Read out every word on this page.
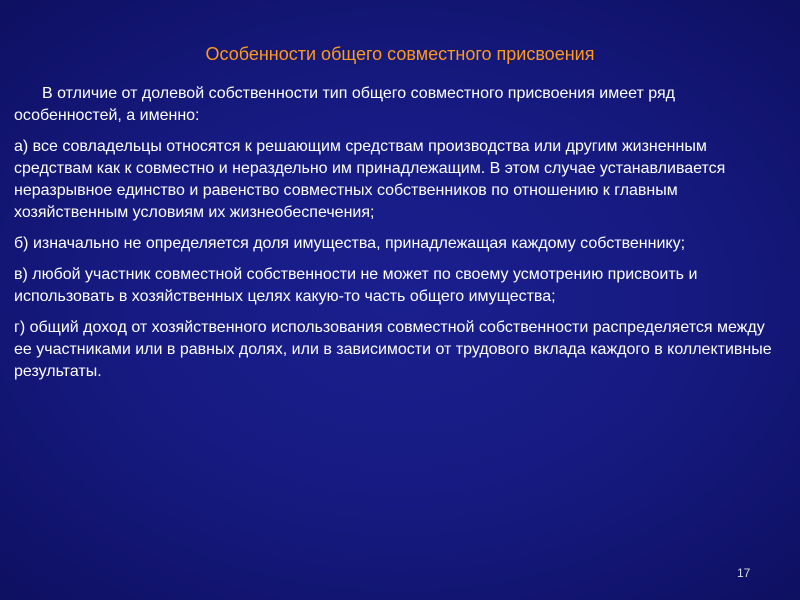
Особенности общего совместного присвоения

В отличие от долевой собственности тип общего совместного присвоения имеет ряд особенностей, а именно:

а) все совладельцы относятся к решающим средствам производства или другим жизненным средствам как к совместно и нераздельно им принадлежащим. В этом случае устанавливается неразрывное единство и равенство совместных собственников по отношению к главным хозяйственным условиям их жизнеобеспечения;

б) изначально не определяется доля имущества, принадлежащая каждому собственнику;

в) любой участник совместной собственности не может по своему усмотрению присвоить и использовать в хозяйственных целях какую-то часть общего имущества;

г) общий доход от хозяйственного использования совместной собственности распределяется между ее участниками или в равных долях, или в зависимости от трудового вклада каждого в коллективные результаты.

17
